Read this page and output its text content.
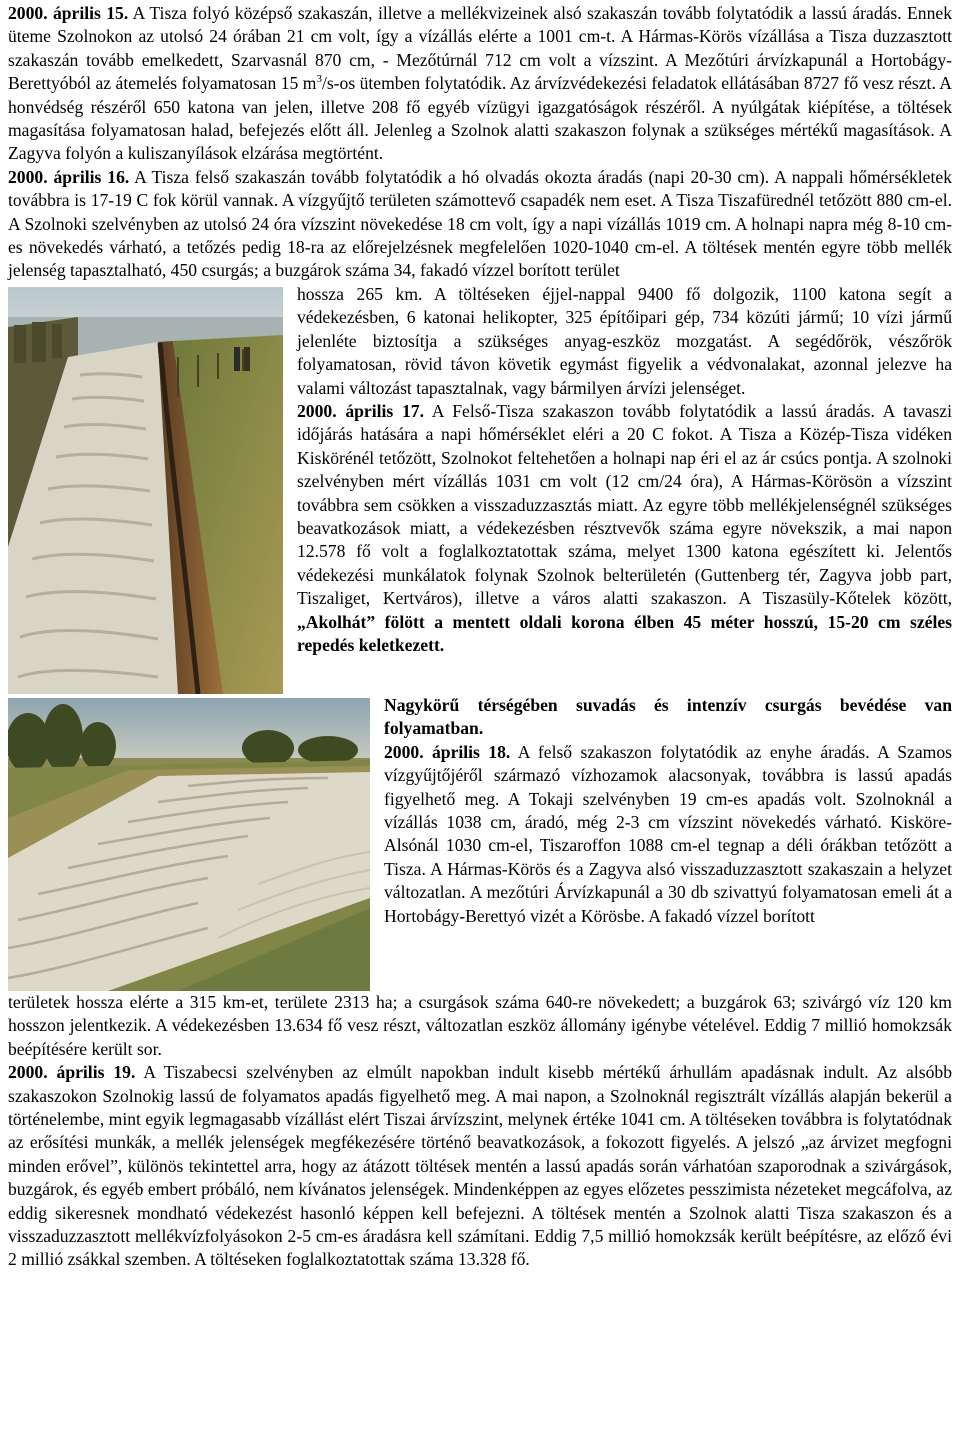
2000. április 15. A Tisza folyó középső szakaszán, illetve a mellékvizeinek alsó szakaszán tovább folytatódik a lassú áradás. Ennek üteme Szolnokon az utolsó 24 órában 21 cm volt, így a vízállás elérte a 1001 cm-t. A Hármas-Körös vízállása a Tisza duzzasztott szakaszán tovább emelkedett, Szarvasnál 870 cm, - Mezőtúrnál 712 cm volt a vízszint. A Mezőtúri árvízkapunál a Hortobágy-Berettyóból az átemelés folyamatosan 15 $m^3/s-os$ ütemben folytatódik. Az árvízvédekezési feladatok ellátásában 8727 fő vesz részt. A honvédség részéről 650 katona van jelen, illetve 208 fő egyéb vízügyi igazgatóságok részéről. A nyúlgátak kiépítése, a töltések magasítása folyamatosan halad, befejezés előtt áll. Jelenleg a Szolnok alatti szakaszon folynak a szükséges mértékű magasítások. A Zagyva folyón a kuliszanyílások elzárása megtörtént.

2000. április 16. A Tisza felső szakaszán tovább folytatódik a hó olvadás okozta áradás (napi 20-30 cm). A nappali hőmérsékletek továbbra is 17-19 C fok körül vannak. A vízgyűjtő területen számottevő csapadék nem eset. A Tisza Tiszafürednél tetőzött 880 cm-el. A Szolnoki szelvényben az utolsó 24 óra vízszint növekedése 18 cm volt, így a napi vízállás 1019 cm. A holnapi napra még 8-10 cm-es növekedés várható, a tetőzés pedig 18-ra az előrejelzésnek megfelelően 1020-1040 cm-el. A töltések mentén egyre több mellék jelenség tapasztalható, 450 csurgás; a buzgárok száma 34, fakadó vízzel borított terület

hossza 265 km. A töltéseken éjjel-nappal 9400 fő dolgozik, 1100 katona segít a védekezésben, 6 katonai helikopter, 325 építőipari gép, 734 közúti jármű; 10 vízi jármű jelenléte biztosítja a szükséges anyag-eszköz mozgatást. A segédőrök, vészőrök folyamatosan, rövid távon követik egymást figyelik a védvonalakat, azonnal jelezve ha valami változást tapasztalnak, vagy bármilyen árvízi jelenséget.

2000. április 17. A Felső-Tisza szakaszon tovább folytatódik a lassú áradás. A tavaszi időjárás hatására a napi hőmérséklet eléri a 20 C fokot. A Tisza a Közép-Tisza vidéken Kiskörénél tetőzött, Szolnokot feltehetően a holnapi nap éri el az ár csúcs pontja. A szolnoki szelvényben mért vízállás 1031 cm volt (12 cm/24 óra), A Hármas-Körösön a vízszint továbbra sem csökken a visszaduzzasztás miatt. Az egyre több mellékjelenségnél szükséges beavatkozások miatt, a védekezésben résztvevők száma egyre növekszik, a mai napon 12.578 fő volt a foglalkoztatottak száma, melyet 1300 katona egészített ki. Jelentős védekezési munkálatok folynak Szolnok belterületén (Guttenberg tér, Zagyva jobb part, Tiszaliget, Kertváros), illetve a város alatti szakaszon. A Tiszasüly-Kőtelek között, „Akolhát” fölött a mentett oldali korona élben 45 méter hosszú, 15-20 cm széles repedés keletkezett.

Nagykörű térségében suvadás és intenzív csurgás bevédése van folyamatban.

2000. április 18. A felső szakaszon folytatódik az enyhe áradás. A Szamos vízgyűjtőjéről származó vízhozamok alacsonyak, továbbra is lassú apadás figyelhető meg. A Tokaji szelvényben 19 cm-es apadás volt. Szolnoknál a vízállás 1038 cm, áradó, még 2-3 cm vízszint növekedés várható. Kisköre-Alsónál 1030 cm-el, Tiszaroffon 1088 cm-el tegnap a déli órákban tetőzött a Tisza. A Hármas-Körös és a Zagyva alsó visszaduzzasztott szakaszain a helyzet változatlan. A mezőtúri Árvízkapunál a 30 db szivattyú folyamatosan emeli át a Hortobágy-Berettyó vizét a Körösbe. A fakadó vízzel borított

területek hossza elérte a 315 km-et, területe 2313 ha; a csurgások száma 640-re növekedett; a buzgárok 63; szivárgó víz 120 km hosszon jelentkezik. A védekezésben 13.634 fő vesz részt, változatlan eszköz állomány igénybe vételével. Eddig 7 millió homokzsák beépítésére került sor.

2000. április 19. A Tiszabecsi szelvényben az elmúlt napokban indult kisebb mértékű árhullám apadásnak indult. Az alsóbb szakaszokon Szolnokig lassú de folyamatos apadás figyelhető meg. A mai napon, a Szolnoknál regisztrált vízállás alapján bekerül a történelembe, mint egyik legmagasabb vízállást elért Tiszai árvízszint, melynek értéke 1041 cm. A töltéseken továbbra is folytatódnak az erősítési munkák, a mellék jelenségek megfékezésére történő beavatkozások, a fokozott figyelés. A jelszó „az árvizet megfogni minden erővel”, különös tekintettel arra, hogy az átázott töltések mentén a lassú apadás során várhatóan szaporodnak a szivárgások, buzgárok, és egyéb embert próbáló, nem kívánatos jelenségek. Mindenképpen az egyes előzetes pesszimista nézeteket megcáfolva, az eddig sikeresnek mondható védekezést hasonló képpen kell befejezni. A töltések mentén a Szolnok alatti Tisza szakaszon és a visszaduzzasztott mellékvízfolyásokon 2-5 cm-es áradásra kell számítani. Eddig 7,5 millió homokzsák került beépítésre, az előző évi 2 millió zsákkal szemben. A töltéseken foglalkoztatottak száma 13.328 fő.
